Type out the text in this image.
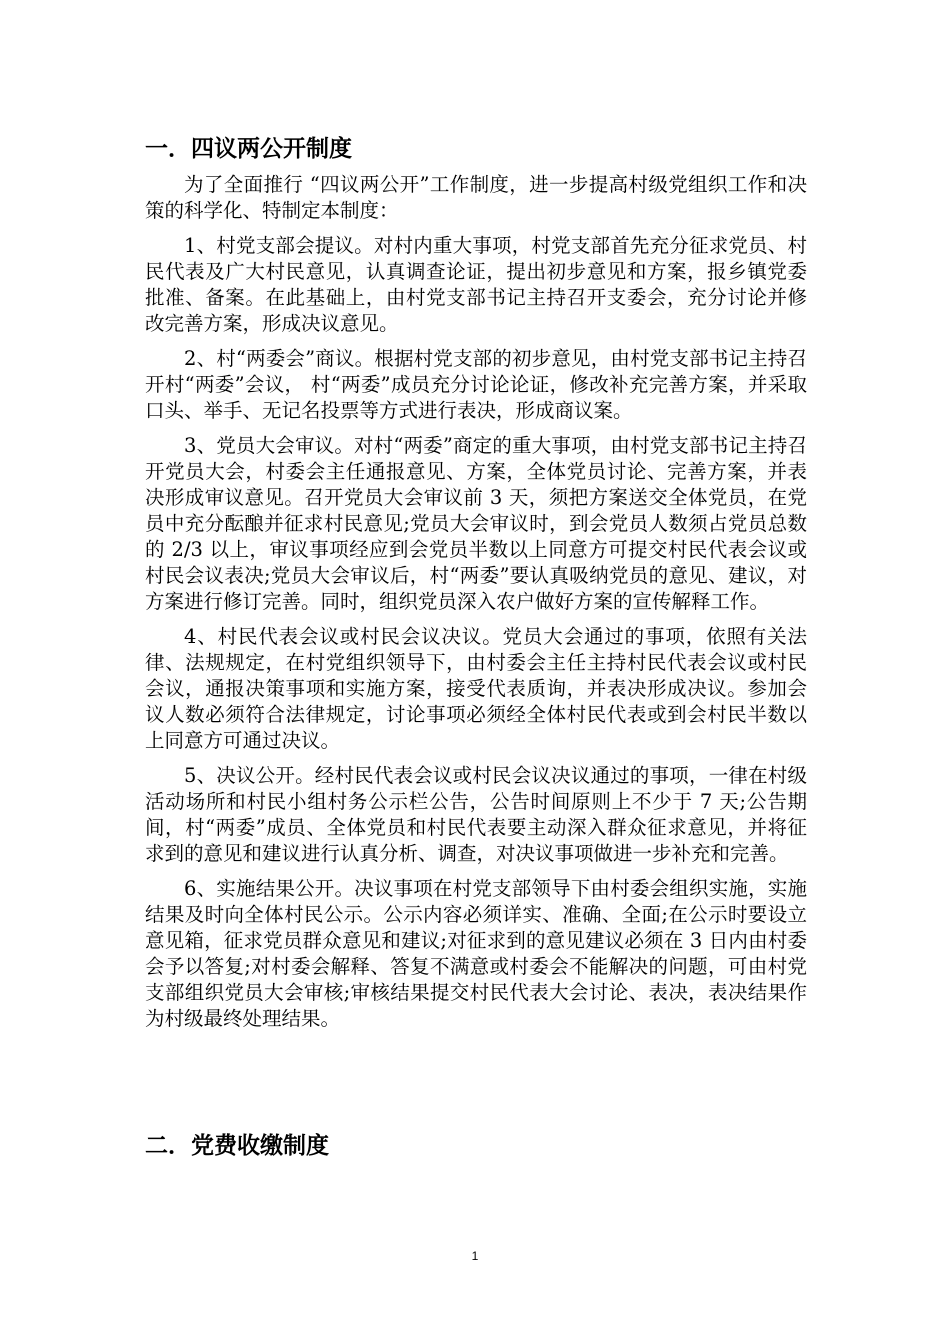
一．四议两公开制度

为了全面推行 “四议两公开”工作制度，进一步提高村级党组织工作和决策的科学化、特制定本制度：

1、村党支部会提议。对村内重大事项，村党支部首先充分征求党员、村民代表及广大村民意见，认真调查论证，提出初步意见和方案，报乡镇党委批准、备案。在此基础上，由村党支部书记主持召开支委会，充分讨论并修改完善方案，形成决议意见。

2、村“两委会”商议。根据村党支部的初步意见，由村党支部书记主持召开村“两委”会议， 村“两委”成员充分讨论论证，修改补充完善方案，并采取口头、举手、无记名投票等方式进行表决，形成商议案。

3、党员大会审议。对村“两委”商定的重大事项，由村党支部书记主持召开党员大会，村委会主任通报意见、方案，全体党员讨论、完善方案，并表决形成审议意见。召开党员大会审议前 3 天，须把方案送交全体党员，在党员中充分酝酿并征求村民意见;党员大会审议时，到会党员人数须占党员总数的 2/3 以上，审议事项经应到会党员半数以上同意方可提交村民代表会议或村民会议表决;党员大会审议后，村“两委”要认真吸纳党员的意见、建议，对方案进行修订完善。同时，组织党员深入农户做好方案的宣传解释工作。

4、村民代表会议或村民会议决议。党员大会通过的事项，依照有关法律、法规规定，在村党组织领导下，由村委会主任主持村民代表会议或村民会议，通报决策事项和实施方案，接受代表质询，并表决形成决议。参加会议人数必须符合法律规定，讨论事项必须经全体村民代表或到会村民半数以上同意方可通过决议。

5、决议公开。经村民代表会议或村民会议决议通过的事项，一律在村级活动场所和村民小组村务公示栏公告，公告时间原则上不少于 7 天;公告期间，村“两委”成员、全体党员和村民代表要主动深入群众征求意见，并将征求到的意见和建议进行认真分析、调查，对决议事项做进一步补充和完善。

6、实施结果公开。决议事项在村党支部领导下由村委会组织实施，实施结果及时向全体村民公示。公示内容必须详实、准确、全面;在公示时要设立意见箱，征求党员群众意见和建议;对征求到的意见建议必须在 3 日内由村委会予以答复;对村委会解释、答复不满意或村委会不能解决的问题，可由村党支部组织党员大会审核;审核结果提交村民代表大会讨论、表决，表决结果作为村级最终处理结果。

二．党费收缴制度
1
